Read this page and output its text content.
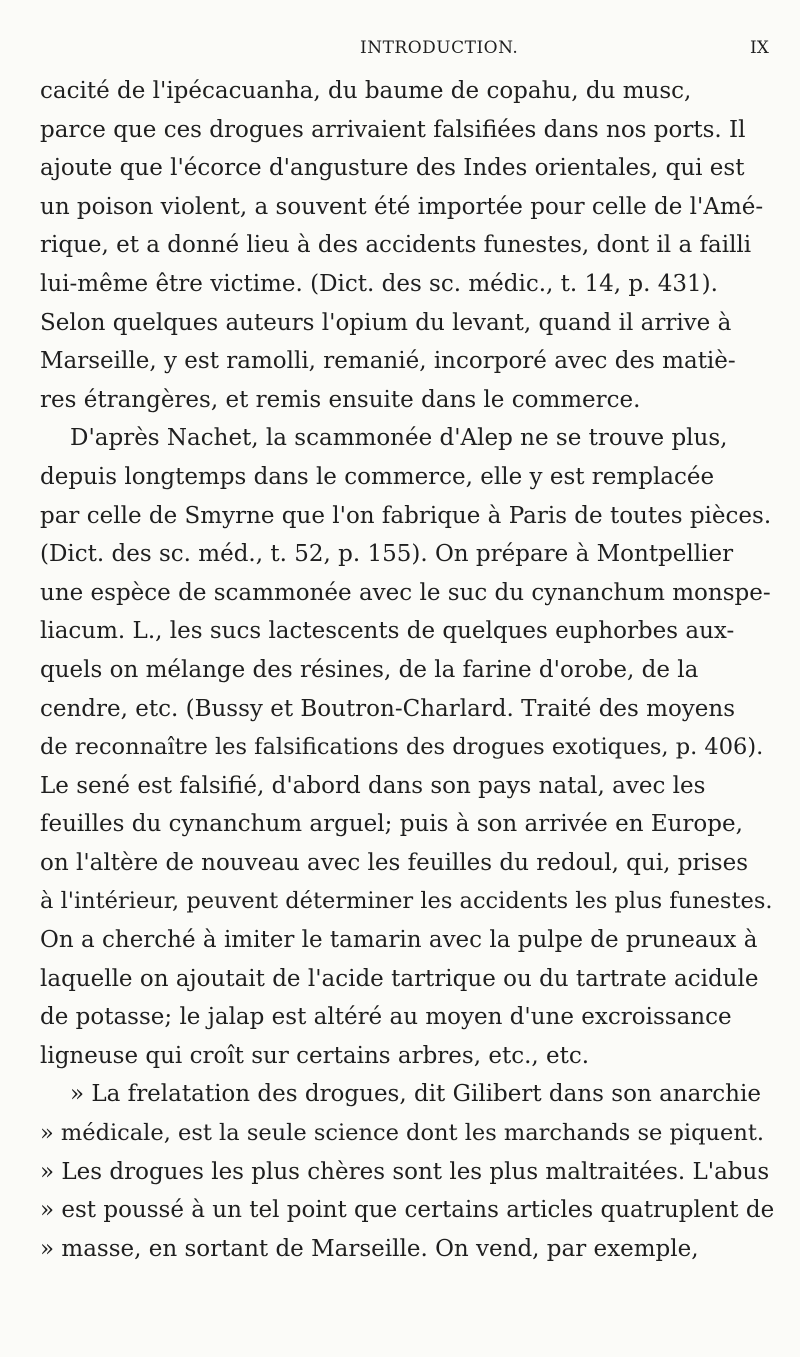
INTRODUCTION.	IX
cacité de l'ipécacuanha, du baume de copahu, du musc,
parce que ces drogues arrivaient falsifiées dans nos ports. Il
ajoute que l'écorce d'angusture des Indes orientales, qui est
un poison violent, a souvent été importée pour celle de l'Amé-
rique, et a donné lieu à des accidents funestes, dont il a failli
lui-même être victime. (Dict. des sc. médic., t. 14, p. 431).
Selon quelques auteurs l'opium du levant, quand il arrive à
Marseille, y est ramolli, remanié, incorporé avec des matiè-
res étrangères, et remis ensuite dans le commerce.
D'après Nachet, la scammonée d'Alep ne se trouve plus,
depuis longtemps dans le commerce, elle y est remplacée
par celle de Smyrne que l'on fabrique à Paris de toutes pièces.
(Dict. des sc. méd., t. 52, p. 155). On prépare à Montpellier
une espèce de scammonée avec le suc du cynanchum monspe-
liacum. L., les sucs lactescents de quelques euphorbes aux-
quels on mélange des résines, de la farine d'orobe, de la
cendre, etc. (Bussy et Boutron-Charlard. Traité des moyens
de reconnaître les falsifications des drogues exotiques, p. 406).
Le sené est falsifié, d'abord dans son pays natal, avec les
feuilles du cynanchum arguel; puis à son arrivée en Europe,
on l'altère de nouveau avec les feuilles du redoul, qui, prises
à l'intérieur, peuvent déterminer les accidents les plus funestes.
On a cherché à imiter le tamarin avec la pulpe de pruneaux à
laquelle on ajoutait de l'acide tartrique ou du tartrate acidule
de potasse; le jalap est altéré au moyen d'une excroissance
ligneuse qui croît sur certains arbres, etc., etc.
» La frelatation des drogues, dit Gilibert dans son anarchie
» médicale, est la seule science dont les marchands se piquent.
» Les drogues les plus chères sont les plus maltraitées. L'abus
» est poussé à un tel point que certains articles quatruplent de
» masse, en sortant de Marseille. On vend, par exemple,
